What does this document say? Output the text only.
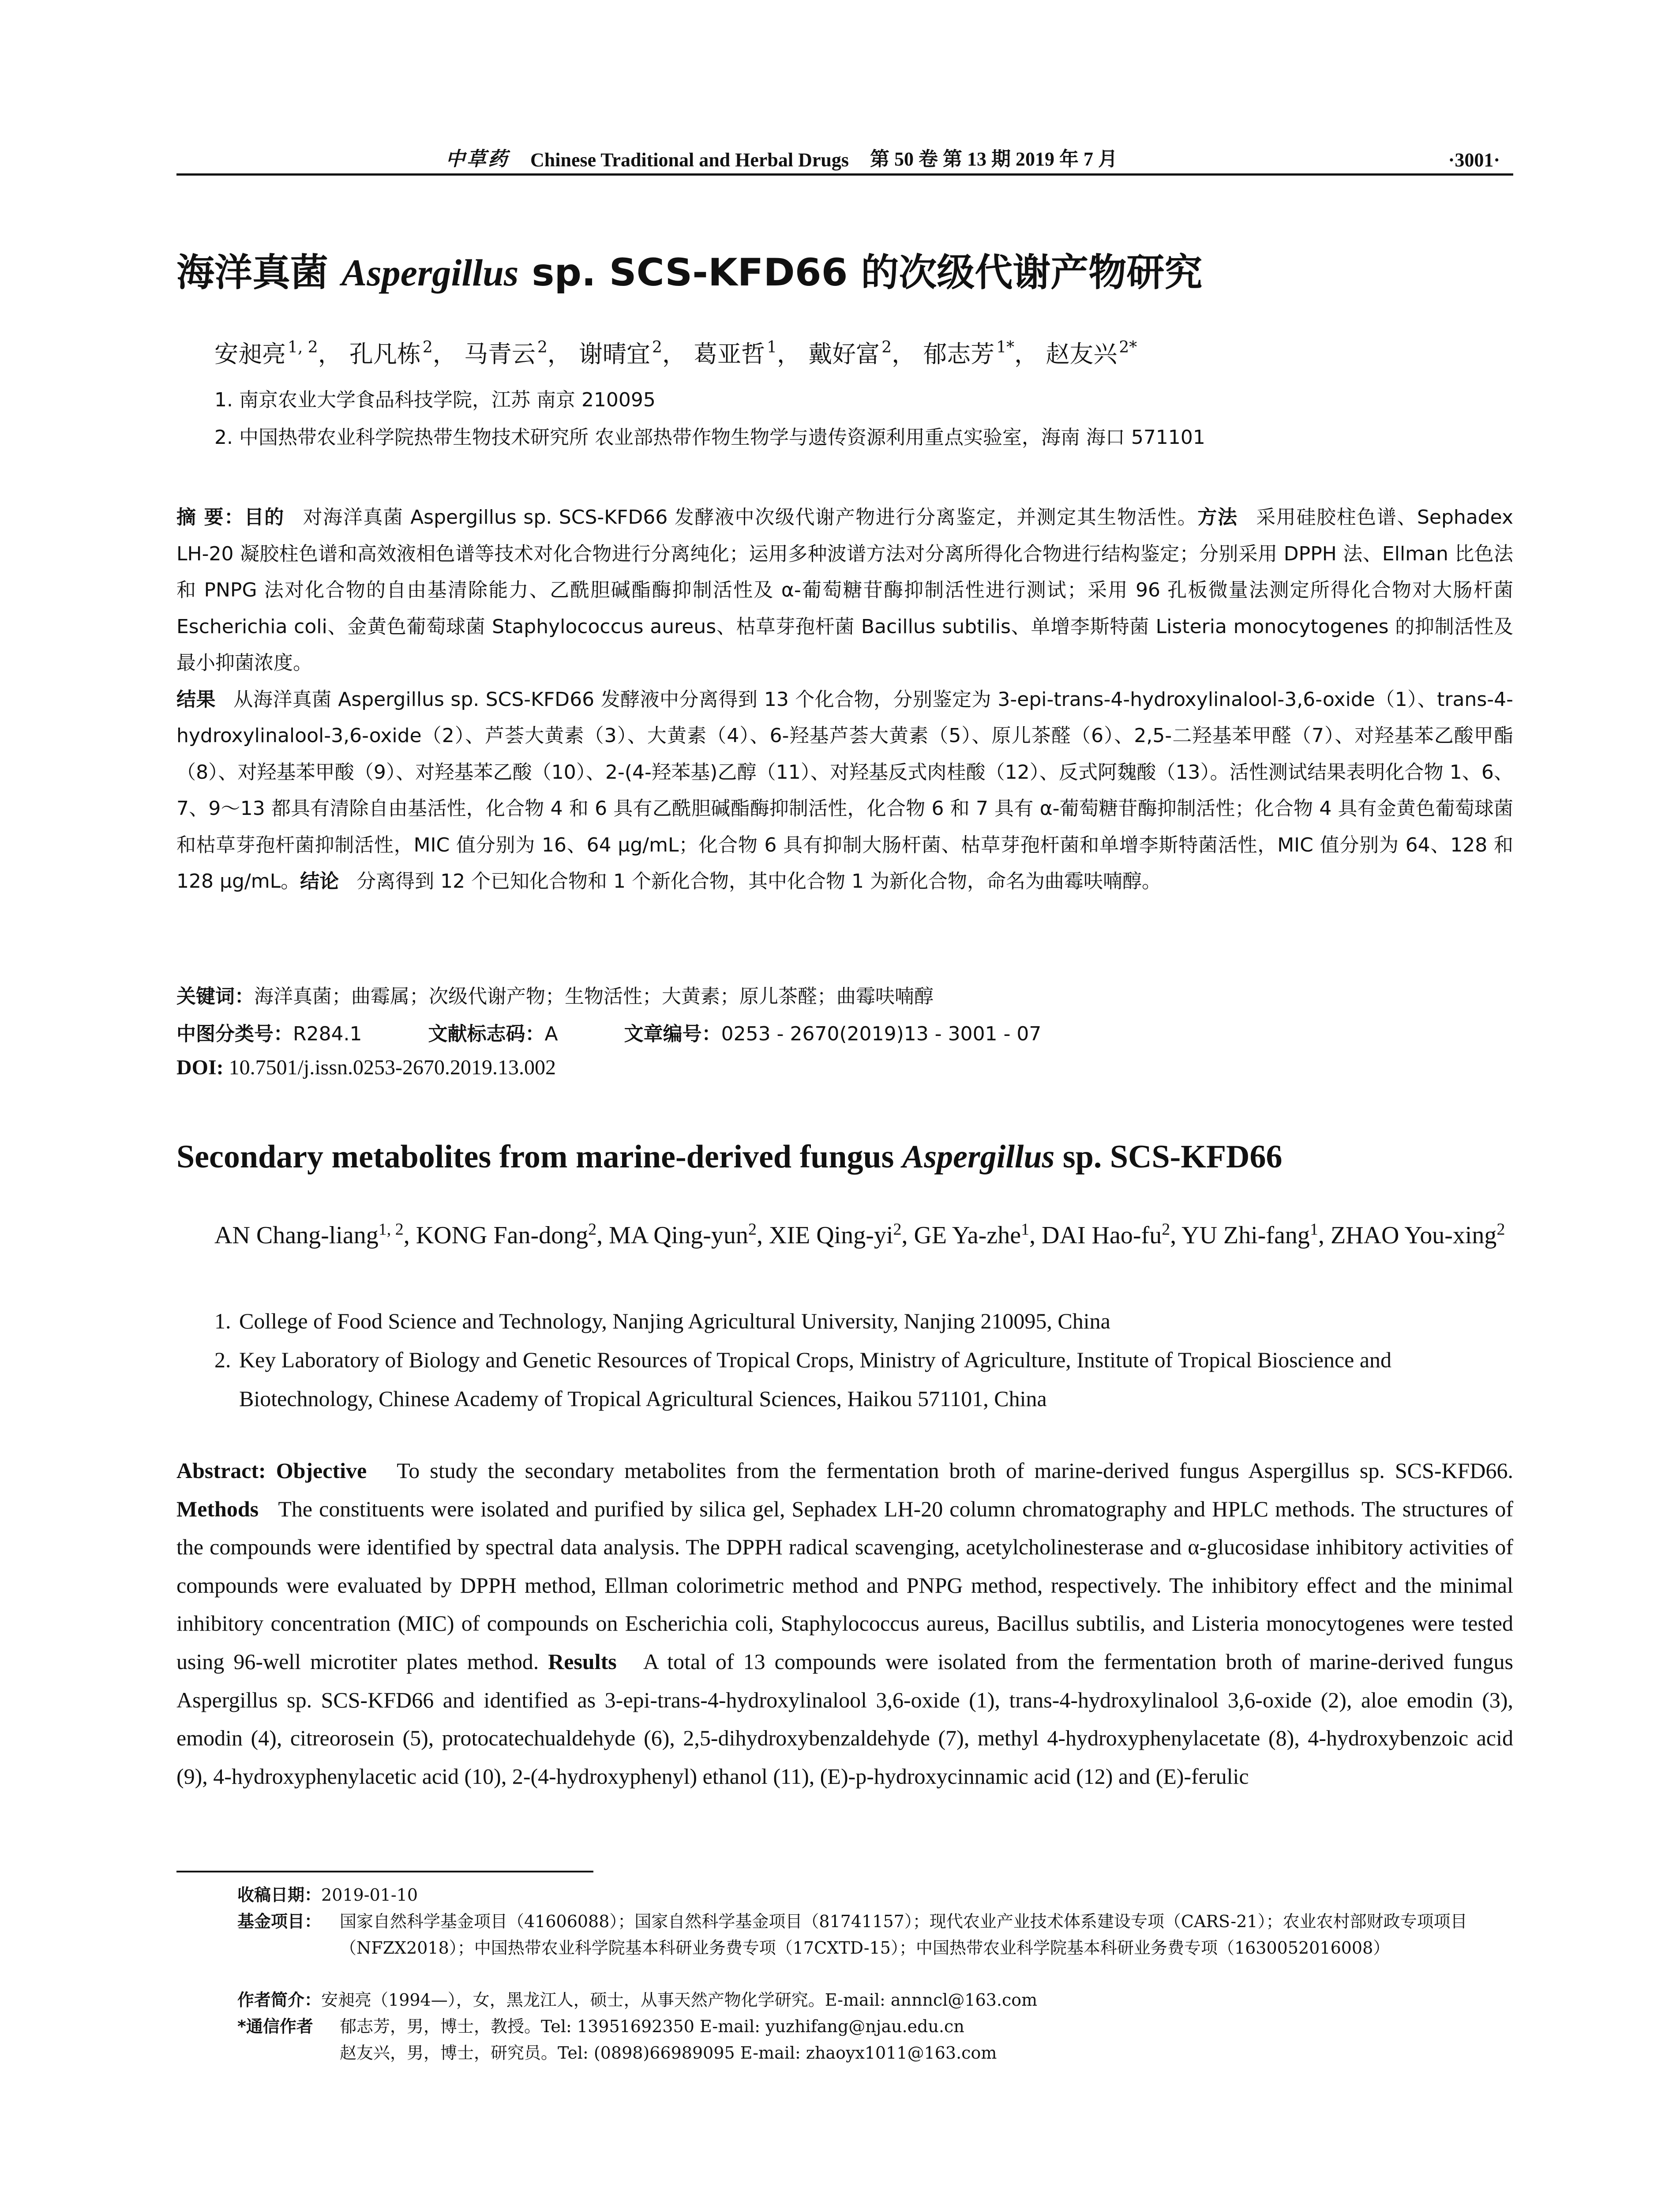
中草药 Chinese Traditional and Herbal Drugs 第 50 卷 第 13 期 2019 年 7 月	·3001·
海洋真菌 Aspergillus sp. SCS-KFD66 的次级代谢产物研究
安昶亮 $^{1, 2}$， 孔凡栋 $^2$， 马青云 $^2$， 谢晴宜 $^2$， 葛亚哲 $^1$， 戴好富 $^2$， 郁志芳 $^{1*}$， 赵友兴 $^{2*}$
1. 南京农业大学食品科技学院，江苏 南京 210095
2. 中国热带农业科学院热带生物技术研究所 农业部热带作物生物学与遗传资源利用重点实验室，海南 海口 571101
摘 要：目的 对海洋真菌 Aspergillus sp. SCS-KFD66 发酵液中次级代谢产物进行分离鉴定，并测定其生物活性。方法 采用硅胶柱色谱、Sephadex LH-20 凝胶柱色谱和高效液相色谱等技术对化合物进行分离纯化；运用多种波谱方法对分离所得化合物进行结构鉴定；分别采用 DPPH 法、Ellman 比色法和 PNPG 法对化合物的自由基清除能力、乙酰胆碱酯酶抑制活性及 α-葡萄糖苷酶抑制活性进行测试；采用 96 孔板微量法测定所得化合物对大肠杆菌 Escherichia coli、金黄色葡萄球菌 Staphylococcus aureus、枯草芽孢杆菌 Bacillus subtilis、单增李斯特菌 Listeria monocytogenes 的抑制活性及最小抑菌浓度。
结果 从海洋真菌 Aspergillus sp. SCS-KFD66 发酵液中分离得到 13 个化合物，分别鉴定为 3-epi-trans-4-hydroxylinalool-3,6-oxide（1）、trans-4-hydroxylinalool-3,6-oxide（2）、芦荟大黄素（3）、大黄素（4）、6-羟基芦荟大黄素（5）、原儿茶醛（6）、2,5-二羟基苯甲醛（7）、对羟基苯乙酸甲酯（8）、对羟基苯甲酸（9）、对羟基苯乙酸（10）、2-(4-羟苯基)乙醇（11）、对羟基反式肉桂酸（12）、反式阿魏酸（13）。活性测试结果表明化合物 1、6、7、9～13 都具有清除自由基活性，化合物 4 和 6 具有乙酰胆碱酯酶抑制活性，化合物 6 和 7 具有 α-葡萄糖苷酶抑制活性；化合物 4 具有金黄色葡萄球菌和枯草芽孢杆菌抑制活性，MIC 值分别为 16、64 μg/mL；化合物 6 具有抑制大肠杆菌、枯草芽孢杆菌和单增李斯特菌活性，MIC 值分别为 64、128 和 128 μg/mL。结论 分离得到 12 个已知化合物和 1 个新化合物，其中化合物 1 为新化合物，命名为曲霉呋喃醇。
关键词：海洋真菌；曲霉属；次级代谢产物；生物活性；大黄素；原儿茶醛；曲霉呋喃醇
中图分类号：R284.1	文献标志码：A	文章编号：0253 - 2670(2019)13 - 3001 - 07
DOI: 10.7501/j.issn.0253-2670.2019.13.002
Secondary metabolites from marine-derived fungus Aspergillus sp. SCS-KFD66
AN Chang-liang$^{1, 2}$, KONG Fan-dong$^2$, MA Qing-yun$^2$, XIE Qing-$yi^2$, GE Ya-zhe$^1$, DAI Hao-$fu^2$, YU Zhi-fang$^1$, ZHAO You-xing$^2$
1. College of Food Science and Technology, Nanjing Agricultural University, Nanjing 210095, China
2. Key Laboratory of Biology and Genetic Resources of Tropical Crops, Ministry of Agriculture, Institute of Tropical Bioscience and Biotechnology, Chinese Academy of Tropical Agricultural Sciences, Haikou 571101, China
Abstract: Objective To study the secondary metabolites from the fermentation broth of marine-derived fungus Aspergillus sp. SCS-KFD66. Methods The constituents were isolated and purified by silica gel, Sephadex LH-20 column chromatography and HPLC methods. The structures of the compounds were identified by spectral data analysis. The DPPH radical scavenging, acetylcholinesterase and α-glucosidase inhibitory activities of compounds were evaluated by DPPH method, Ellman colorimetric method and PNPG method, respectively. The inhibitory effect and the minimal inhibitory concentration (MIC) of compounds on Escherichia coli, Staphylococcus aureus, Bacillus subtilis, and Listeria monocytogenes were tested using 96-well microtiter plates method. Results A total of 13 compounds were isolated from the fermentation broth of marine-derived fungus Aspergillus sp. SCS-KFD66 and identified as 3-epi-trans-4-hydroxylinalool 3,6-oxide (1), trans-4-hydroxylinalool 3,6-oxide (2), aloe emodin (3), emodin (4), citreorosein (5), protocatechualdehyde (6), 2,5-dihydroxybenzaldehyde (7), methyl 4-hydroxyphenylacetate (8), 4-hydroxybenzoic acid (9), 4-hydroxyphenylacetic acid (10), 2-(4-hydroxyphenyl) ethanol (11), (E)-p-hydroxycinnamic acid (12) and (E)-ferulic
收稿日期：2019-01-10
基金项目： 国家自然科学基金项目（41606088）；国家自然科学基金项目（81741157）；现代农业产业技术体系建设专项（CARS-21）；农业农村部财政专项项目（NFZX2018）；中国热带农业科学院基本科研业务费专项（17CXTD-15）；中国热带农业科学院基本科研业务费专项（1630052016008）
作者简介：安昶亮（1994—），女，黑龙江人，硕士，从事天然产物化学研究。E-mail: annncl@163.com
*通信作者 郁志芳，男，博士，教授。Tel: 13951692350 E-mail: yuzhifang@njau.edu.cn
赵友兴，男，博士，研究员。Tel: (0898)66989095 E-mail: zhaoyx1011@163.com
